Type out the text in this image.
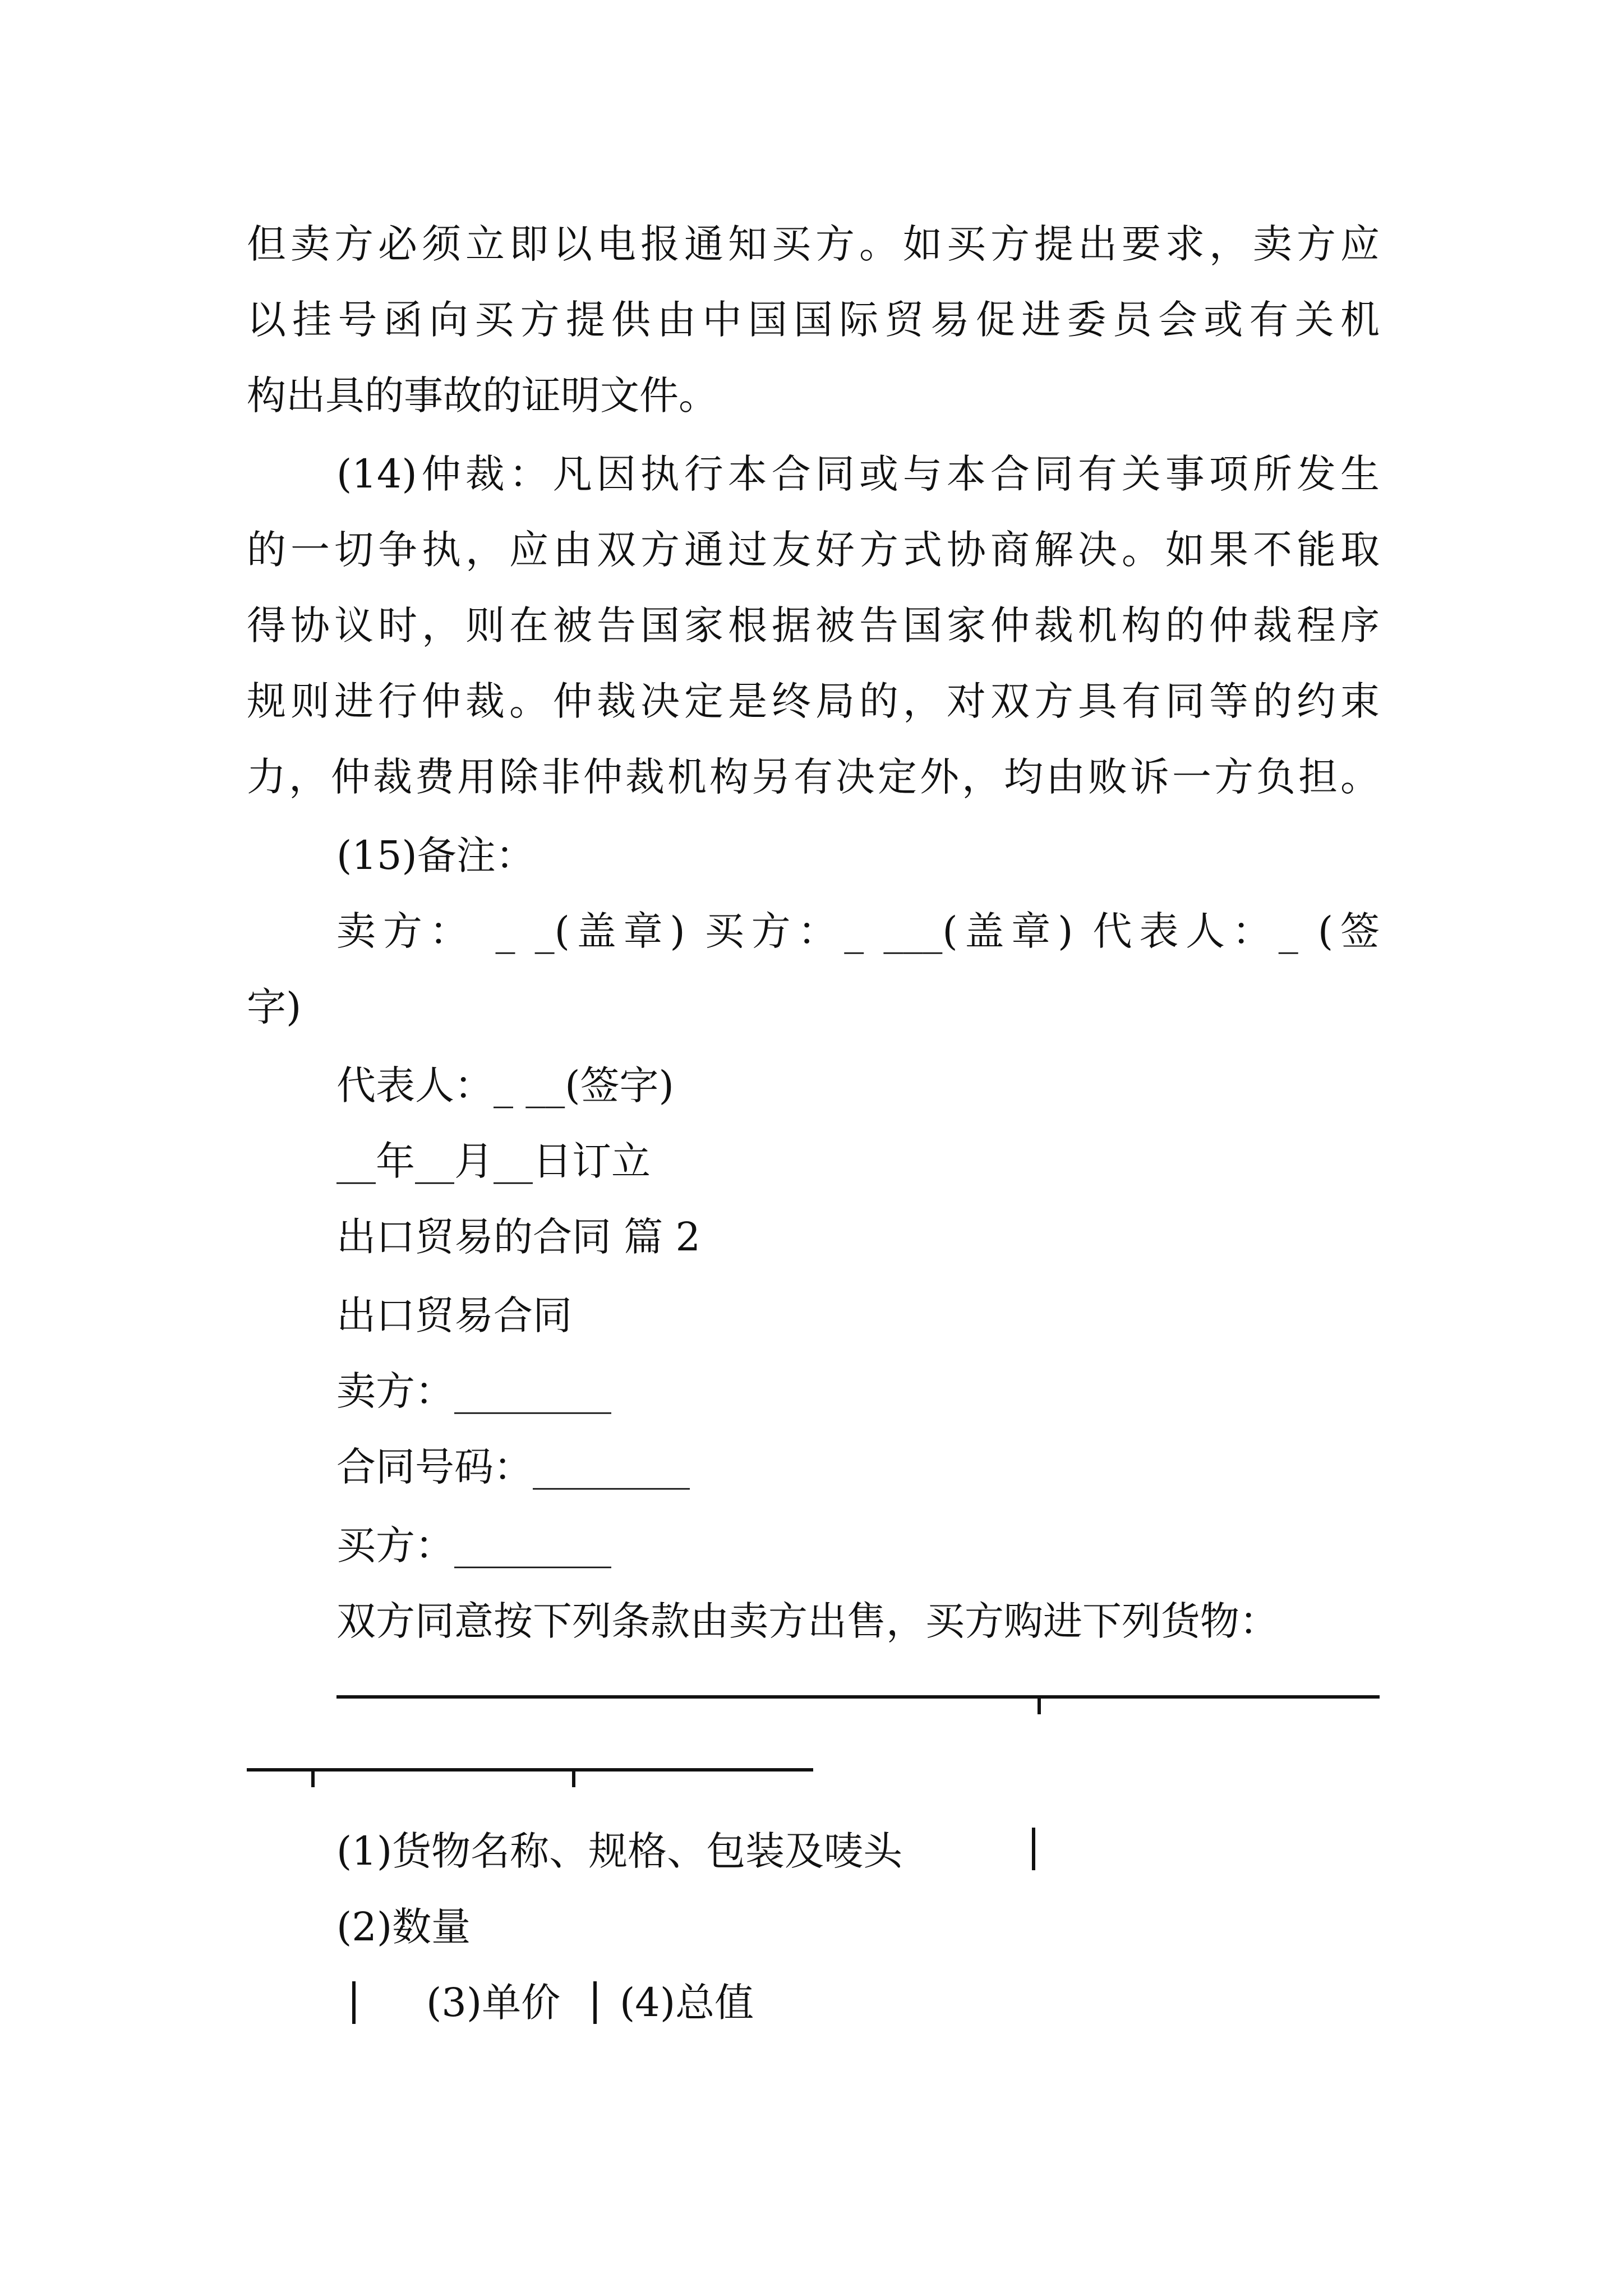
但卖方必须立即以电报通知买方。如买方提出要求，卖方应
以挂号函向买方提供由中国国际贸易促进委员会或有关机
构出具的事故的证明文件。
(14)仲裁：凡因执行本合同或与本合同有关事项所发生
的一切争执，应由双方通过友好方式协商解决。如果不能取
得协议时，则在被告国家根据被告国家仲裁机构的仲裁程序
规则进行仲裁。仲裁决定是终局的，对双方具有同等的约束
力，仲裁费用除非仲裁机构另有决定外，均由败诉一方负担。
(15)备注：
卖方： _ _(盖章) 买方：_ ___(盖章) 代表人：_ (签
字)
代表人：_ __(签字)
__年__月__日订立
出口贸易的合同 篇 2
出口贸易合同
卖方：________
合同号码：________
买方：________
双方同意按下列条款由卖方出售，买方购进下列货物：
(1)货物名称、规格、包装及唛头
(2)数量
(3)单价 (4)总值
